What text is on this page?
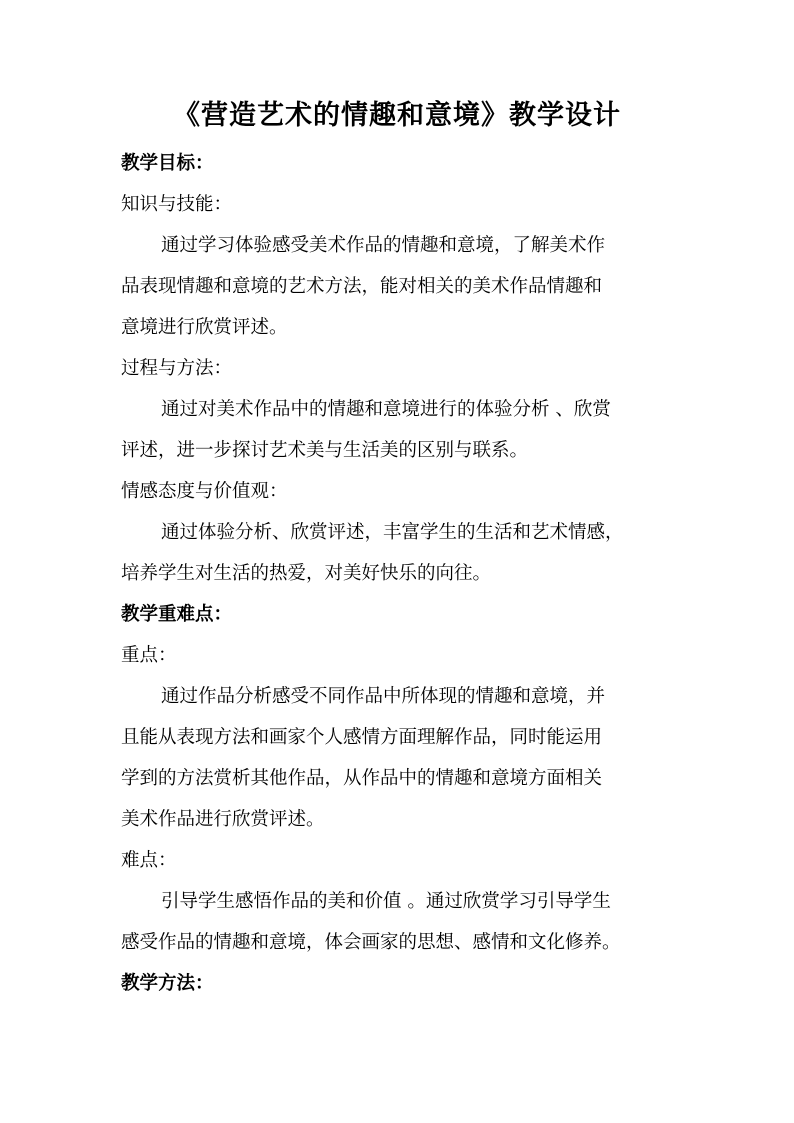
《营造艺术的情趣和意境》教学设计
教学目标：
知识与技能：
通过学习体验感受美术作品的情趣和意境，了解美术作
品表现情趣和意境的艺术方法，能对相关的美术作品情趣和
意境进行欣赏评述。
过程与方法：
通过对美术作品中的情趣和意境进行的体验分析 、欣赏
评述，进一步探讨艺术美与生活美的区别与联系。
情感态度与价值观：
通过体验分析、欣赏评述，丰富学生的生活和艺术情感，
培养学生对生活的热爱，对美好快乐的向往。
教学重难点：
重点：
通过作品分析感受不同作品中所体现的情趣和意境，并
且能从表现方法和画家个人感情方面理解作品，同时能运用
学到的方法赏析其他作品，从作品中的情趣和意境方面相关
美术作品进行欣赏评述。
难点：
引导学生感悟作品的美和价值 。通过欣赏学习引导学生
感受作品的情趣和意境，体会画家的思想、感情和文化修养。
教学方法：
